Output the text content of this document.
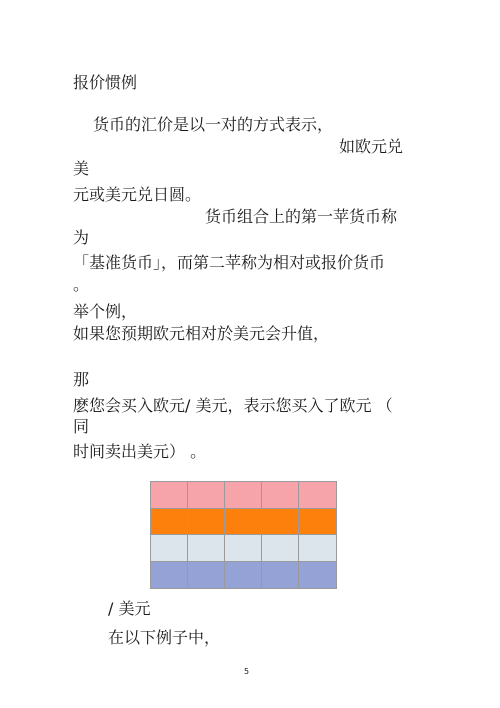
报价惯例
货币的汇价是以一对的方式表示，
如欧元兑
美
元或美元兑日圆。
货币组合上的第一苹货币称
为
「基准货币」，而第二苹称为相对或报价货币
。
举个例，
如果您预期欧元相对於美元会升值，
那
麽您会买入欧元/ 美元，表示您买入了欧元 （
同
时间卖出美元） 。
/ 美元
在以下例子中，
5
